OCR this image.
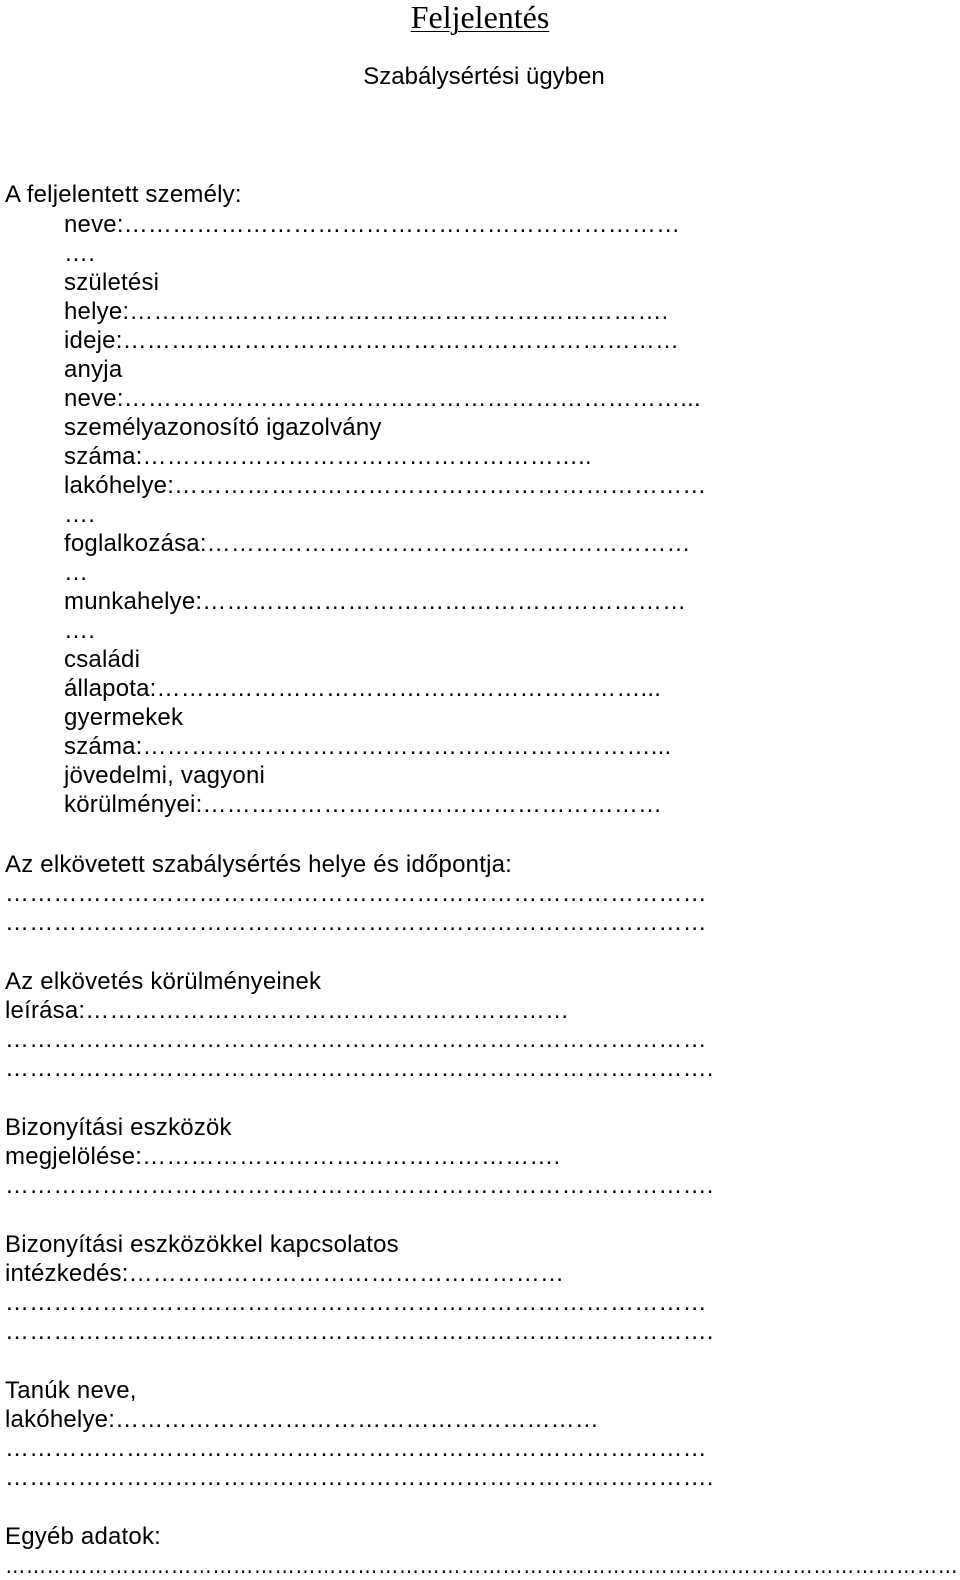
Feljelentés
Szabálysértési ügyben
A feljelentett személy:
neve:……………………………………………………………
….
születési
helye:………………………………………………………….
ideje:……………………………………………………………
anyja
neve:……………………………………………………………...
személyazonosító igazolvány
száma:………………………………………………..
lakóhelye:…………………………………………………………
….
foglalkozása:……………………………………………………
…
munkahelye:……………………………………………………
….
családi
állapota:……………………………………………………...
gyermekek
száma:………………………………………………………...
jövedelmi, vagyoni
körülményei:…………………………………………………
Az elkövetett szabálysértés helye és időpontja:
……………………………………………………………………………
……………………………………………………………………………
Az elkövetés körülményeinek
leírása:……………………………………………………
……………………………………………………………………………
…………………………………………………………………………….
Bizonyítási eszközök
megjelölése:…………………………………………….
…………………………………………………………………………….
Bizonyítási eszközökkel kapcsolatos
intézkedés:………………………………………………
……………………………………………………………………………
…………………………………………………………………………….
Tanúk neve,
lakóhelye:……………………………………………………
……………………………………………………………………………
…………………………………………………………………………….
Egyéb adatok:
…………………………………………………………………………………………………………………………
